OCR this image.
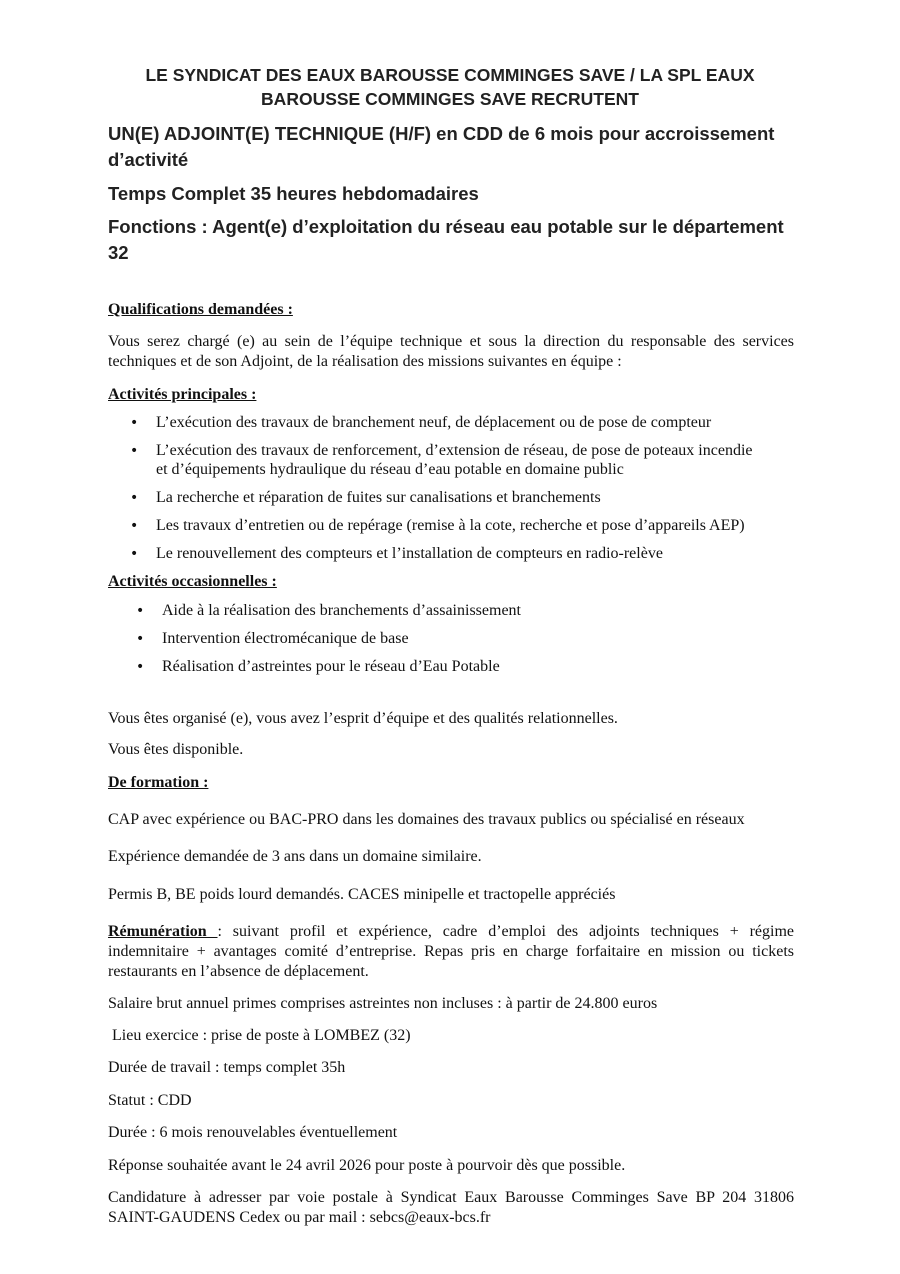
LE SYNDICAT DES EAUX BAROUSSE COMMINGES SAVE / LA SPL EAUX
BAROUSSE COMMINGES SAVE RECRUTENT
UN(E) ADJOINT(E) TECHNIQUE (H/F) en CDD de 6 mois pour accroissement
d’activité
Temps Complet 35 heures hebdomadaires
Fonctions : Agent(e) d’exploitation du réseau eau potable sur le département
32
Qualifications demandées :
Vous serez chargé (e) au sein de l’équipe technique et sous la direction du responsable des services techniques et de son Adjoint, de la réalisation des missions suivantes en équipe :
Activités principales :
•
L’exécution des travaux de branchement neuf, de déplacement ou de pose de compteur
•
L’exécution des travaux de renforcement, d’extension de réseau, de pose de poteaux incendie
et d’équipements hydraulique du réseau d’eau potable en domaine public
•
La recherche et réparation de fuites sur canalisations et branchements
•
Les travaux d’entretien ou de repérage (remise à la cote, recherche et pose d’appareils AEP)
•
Le renouvellement des compteurs et l’installation de compteurs en radio-relève
Activités occasionnelles :
•
Aide à la réalisation des branchements d’assainissement
•
Intervention électromécanique de base
•
Réalisation d’astreintes pour le réseau d’Eau Potable
Vous êtes organisé (e), vous avez l’esprit d’équipe et des qualités relationnelles.
Vous êtes disponible.
De formation :
CAP avec expérience ou BAC-PRO dans les domaines des travaux publics ou spécialisé en réseaux
Expérience demandée de 3 ans dans un domaine similaire.
Permis B, BE poids lourd demandés. CACES minipelle et tractopelle appréciés
Rémunération : suivant profil et expérience, cadre d’emploi des adjoints techniques + régime indemnitaire + avantages comité d’entreprise. Repas pris en charge forfaitaire en mission ou tickets restaurants en l’absence de déplacement.
Salaire brut annuel primes comprises astreintes non incluses : à partir de 24.800 euros
Lieu exercice : prise de poste à LOMBEZ (32)
Durée de travail : temps complet 35h
Statut : CDD
Durée : 6 mois renouvelables éventuellement
Réponse souhaitée avant le 24 avril 2026 pour poste à pourvoir dès que possible.
Candidature à adresser par voie postale à Syndicat Eaux Barousse Comminges Save BP 204 31806 SAINT-GAUDENS Cedex ou par mail : sebcs@eaux-bcs.fr
